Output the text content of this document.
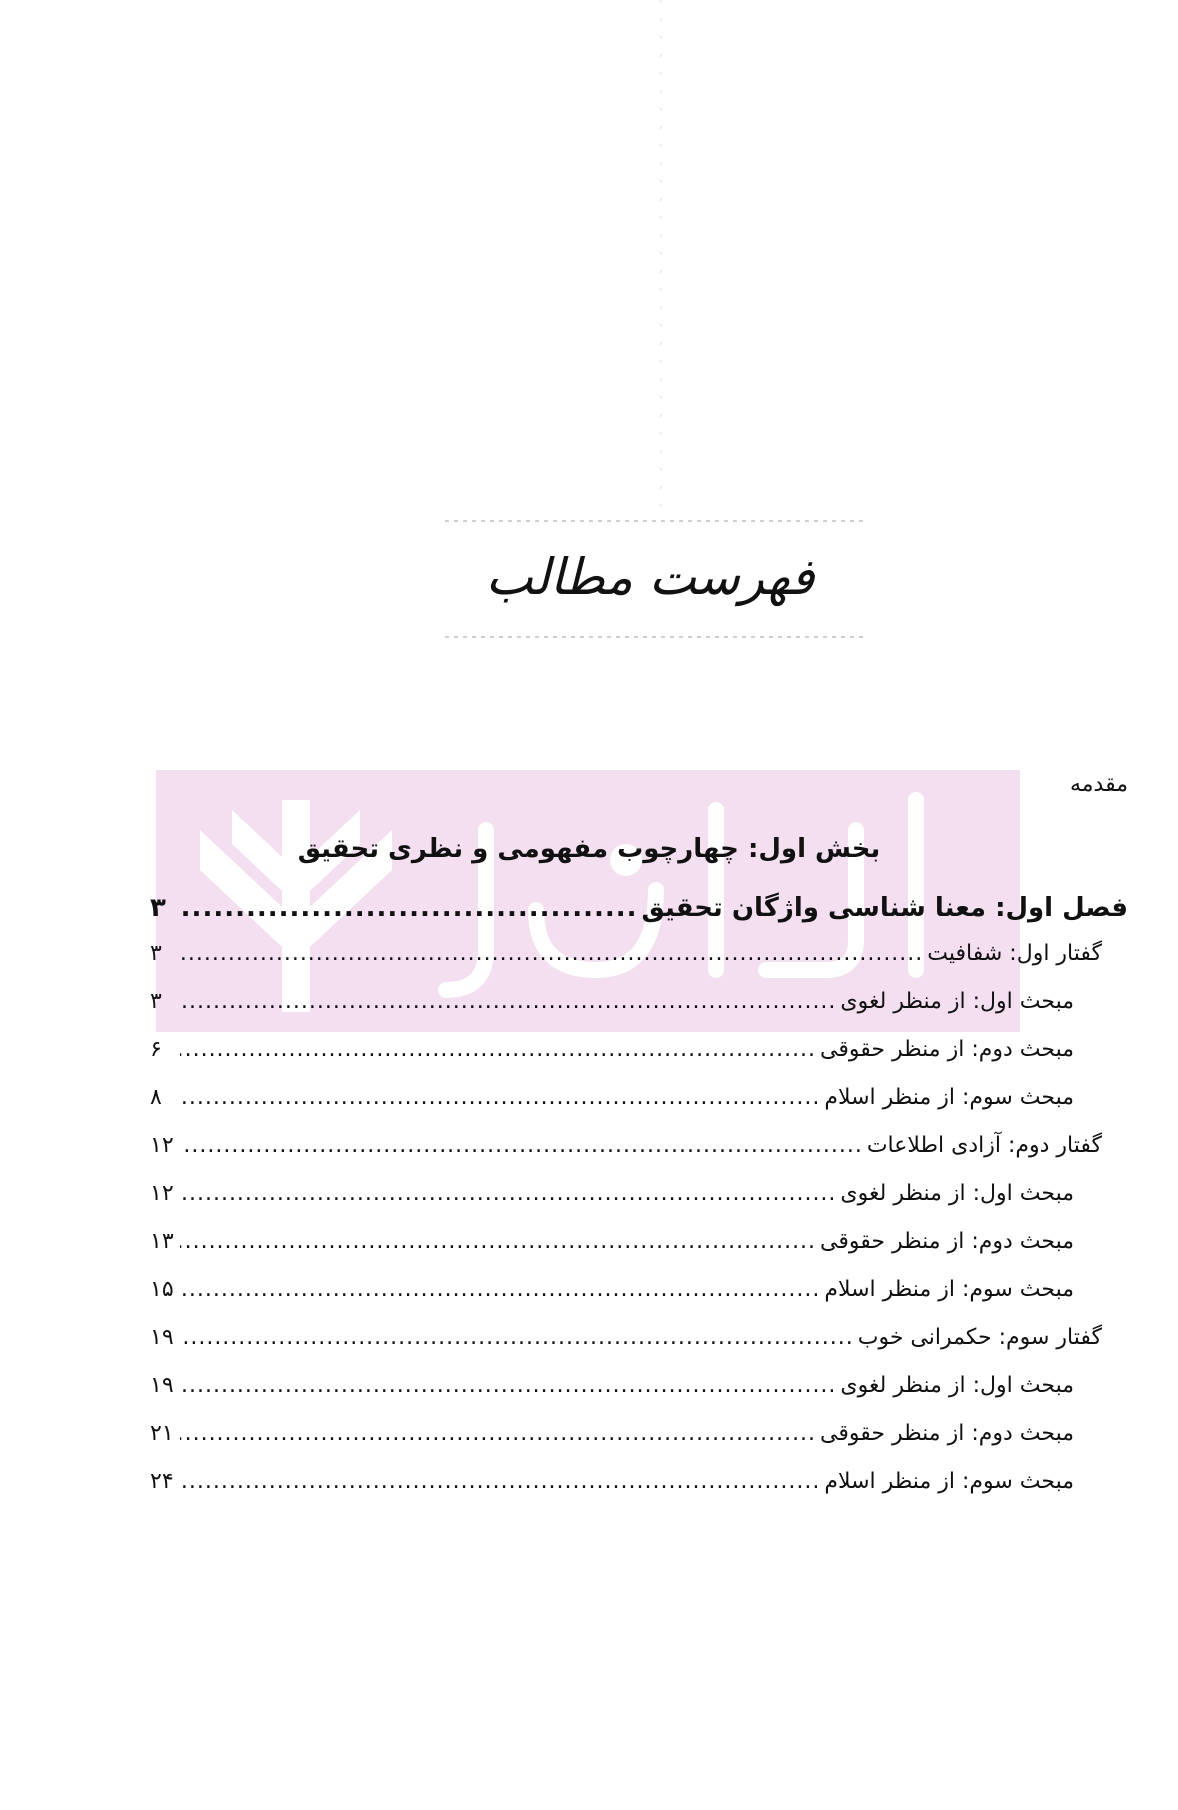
فهرست مطالب
مقدمه
بخش اول: چهارچوب مفهومی و نظری تحقیق
فصل اول: معنا شناسی واژگان تحقیق
.....
۳
گفتار اول: شفافیت
.....
۳
مبحث اول: از منظر لغوی
.....
۳
مبحث دوم: از منظر حقوقی
.....
۶
مبحث سوم: از منظر اسلام
.....
۸
گفتار دوم: آزادی اطلاعات
.....
۱۲
مبحث اول: از منظر لغوی
.....
۱۲
مبحث دوم: از منظر حقوقی
.....
۱۳
مبحث سوم: از منظر اسلام
.....
۱۵
گفتار سوم: حکمرانی خوب
.....
۱۹
مبحث اول: از منظر لغوی
.....
۱۹
مبحث دوم: از منظر حقوقی
.....
۲۱
مبحث سوم: از منظر اسلام
.....
۲۴
